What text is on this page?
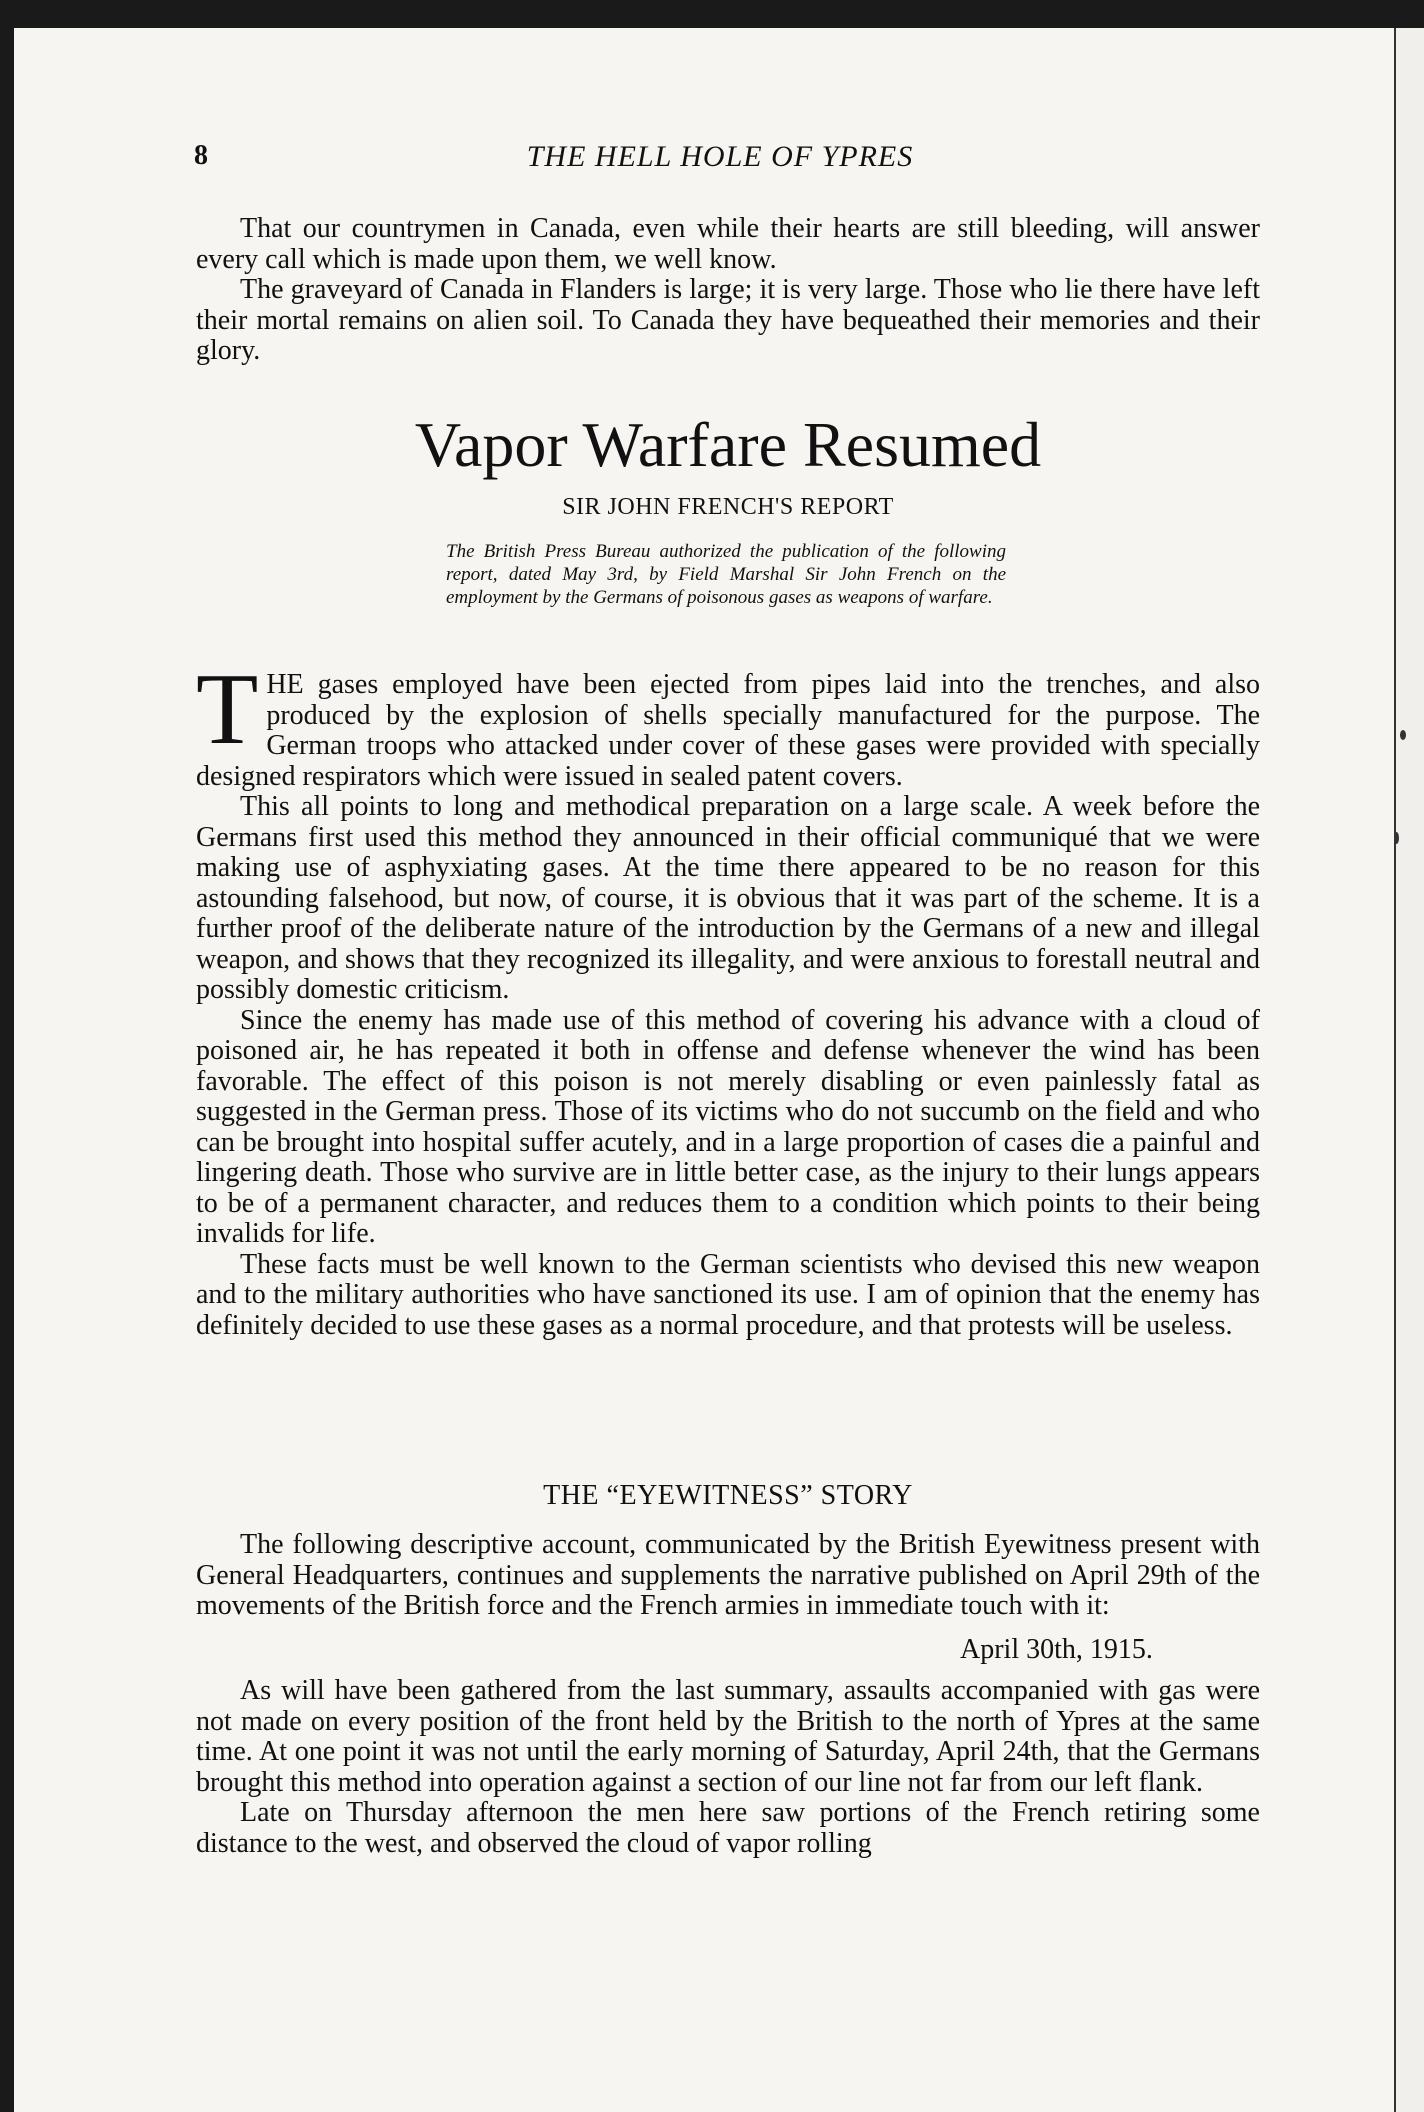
8	THE HELL HOLE OF YPRES

That our countrymen in Canada, even while their hearts are still bleeding, will answer every call which is made upon them, we well know.

The graveyard of Canada in Flanders is large; it is very large. Those who lie there have left their mortal remains on alien soil. To Canada they have bequeathed their memories and their glory.

Vapor Warfare Resumed
SIR JOHN FRENCH'S REPORT
The British Press Bureau authorized the publication of the following report, dated May 3rd, by Field Marshal Sir John French on the employment by the Germans of poisonous gases as weapons of warfare.

THE gases employed have been ejected from pipes laid into the trenches, and also produced by the explosion of shells specially manufactured for the purpose. The German troops who attacked under cover of these gases were provided with specially designed respirators which were issued in sealed patent covers.

This all points to long and methodical preparation on a large scale. A week before the Germans first used this method they announced in their official communiqué that we were making use of asphyxiating gases. At the time there appeared to be no reason for this astounding falsehood, but now, of course, it is obvious that it was part of the scheme. It is a further proof of the deliberate nature of the introduction by the Germans of a new and illegal weapon, and shows that they recognized its illegality, and were anxious to forestall neutral and possibly domestic criticism.

Since the enemy has made use of this method of covering his advance with a cloud of poisoned air, he has repeated it both in offense and defense whenever the wind has been favorable. The effect of this poison is not merely disabling or even painlessly fatal as suggested in the German press. Those of its victims who do not succumb on the field and who can be brought into hospital suffer acutely, and in a large proportion of cases die a painful and lingering death. Those who survive are in little better case, as the injury to their lungs appears to be of a permanent character, and reduces them to a condition which points to their being invalids for life.

These facts must be well known to the German scientists who devised this new weapon and to the military authorities who have sanctioned its use. I am of opinion that the enemy has definitely decided to use these gases as a normal procedure, and that protests will be useless.

THE “EYEWITNESS” STORY

The following descriptive account, communicated by the British Eyewitness present with General Headquarters, continues and supplements the narrative published on April 29th of the movements of the British force and the French armies in immediate touch with it:

April 30th, 1915.

As will have been gathered from the last summary, assaults accompanied with gas were not made on every position of the front held by the British to the north of Ypres at the same time. At one point it was not until the early morning of Saturday, April 24th, that the Germans brought this method into operation against a section of our line not far from our left flank.

Late on Thursday afternoon the men here saw portions of the French retiring some distance to the west, and observed the cloud of vapor rolling
